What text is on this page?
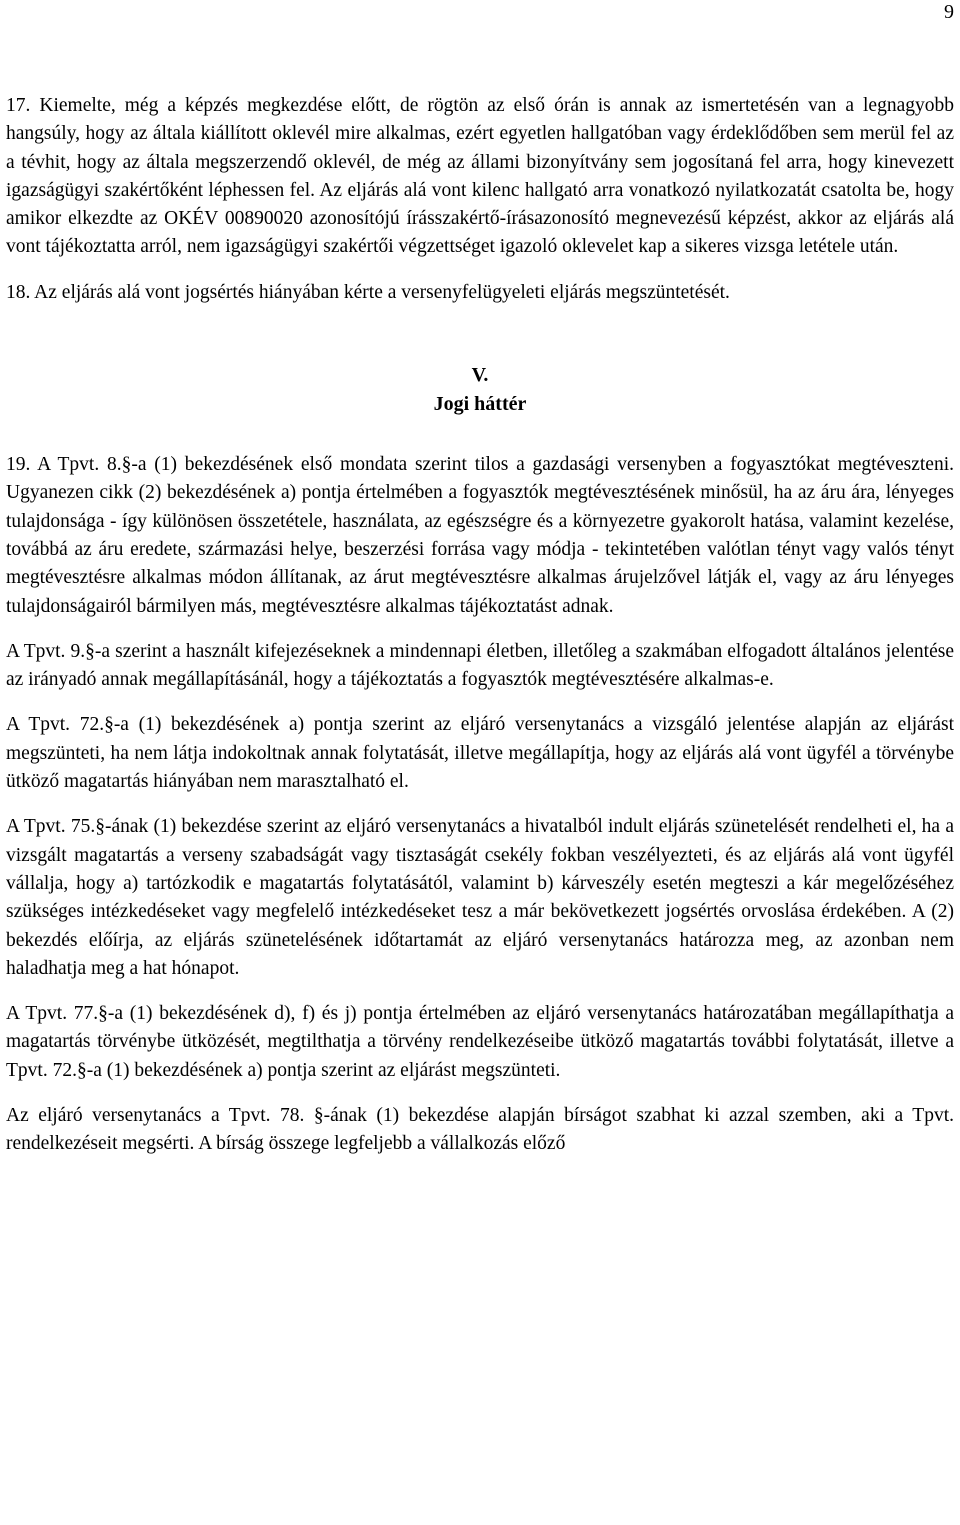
9

17. Kiemelte, még a képzés megkezdése előtt, de rögtön az első órán is annak az ismertetésén van a legnagyobb hangsúly, hogy az általa kiállított oklevél mire alkalmas, ezért egyetlen hallgatóban vagy érdeklődőben sem merül fel az a tévhit, hogy az általa megszerzendő oklevél, de még az állami bizonyítvány sem jogosítaná fel arra, hogy kinevezett igazságügyi szakértőként léphessen fel. Az eljárás alá vont kilenc hallgató arra vonatkozó nyilatkozatát csatolta be, hogy amikor elkezdte az OKÉV 00890020 azonosítójú írásszakértő-írásazonosító megnevezésű képzést, akkor az eljárás alá vont tájékoztatta arról, nem igazságügyi szakértői végzettséget igazoló oklevelet kap a sikeres vizsga letétele után.

18. Az eljárás alá vont jogsértés hiányában kérte a versenyfelügyeleti eljárás megszüntetését.

V.
Jogi háttér

19. A Tpvt. 8.§-a (1) bekezdésének első mondata szerint tilos a gazdasági versenyben a fogyasztókat megtéveszteni. Ugyanezen cikk (2) bekezdésének a) pontja értelmében a fogyasztók megtévesztésének minősül, ha az áru ára, lényeges tulajdonsága - így különösen összetétele, használata, az egészségre és a környezetre gyakorolt hatása, valamint kezelése, továbbá az áru eredete, származási helye, beszerzési forrása vagy módja - tekintetében valótlan tényt vagy valós tényt megtévesztésre alkalmas módon állítanak, az árut megtévesztésre alkalmas árujelzővel látják el, vagy az áru lényeges tulajdonságairól bármilyen más, megtévesztésre alkalmas tájékoztatást adnak.

A Tpvt. 9.§-a szerint a használt kifejezéseknek a mindennapi életben, illetőleg a szakmában elfogadott általános jelentése az irányadó annak megállapításánál, hogy a tájékoztatás a fogyasztók megtévesztésére alkalmas-e.

A Tpvt. 72.§-a (1) bekezdésének a) pontja szerint az eljáró versenytanács a vizsgáló jelentése alapján az eljárást megszünteti, ha nem látja indokoltnak annak folytatását, illetve megállapítja, hogy az eljárás alá vont ügyfél a törvénybe ütköző magatartás hiányában nem marasztalható el.

A Tpvt. 75.§-ának (1) bekezdése szerint az eljáró versenytanács a hivatalból indult eljárás szünetelését rendelheti el, ha a vizsgált magatartás a verseny szabadságát vagy tisztaságát csekély fokban veszélyezteti, és az eljárás alá vont ügyfél vállalja, hogy a) tartózkodik e magatartás folytatásától, valamint b) kárveszély esetén megteszi a kár megelőzéséhez szükséges intézkedéseket vagy megfelelő intézkedéseket tesz a már bekövetkezett jogsértés orvoslása érdekében. A (2) bekezdés előírja, az eljárás szünetelésének időtartamát az eljáró versenytanács határozza meg, az azonban nem haladhatja meg a hat hónapot.

A Tpvt. 77.§-a (1) bekezdésének d), f) és j) pontja értelmében az eljáró versenytanács határozatában megállapíthatja a magatartás törvénybe ütközését, megtilthatja a törvény rendelkezéseibe ütköző magatartás további folytatását, illetve a Tpvt. 72.§-a (1) bekezdésének a) pontja szerint az eljárást megszünteti.

Az eljáró versenytanács a Tpvt. 78. §-ának (1) bekezdése alapján bírságot szabhat ki azzal szemben, aki a Tpvt. rendelkezéseit megsérti. A bírság összege legfeljebb a vállalkozás előző
